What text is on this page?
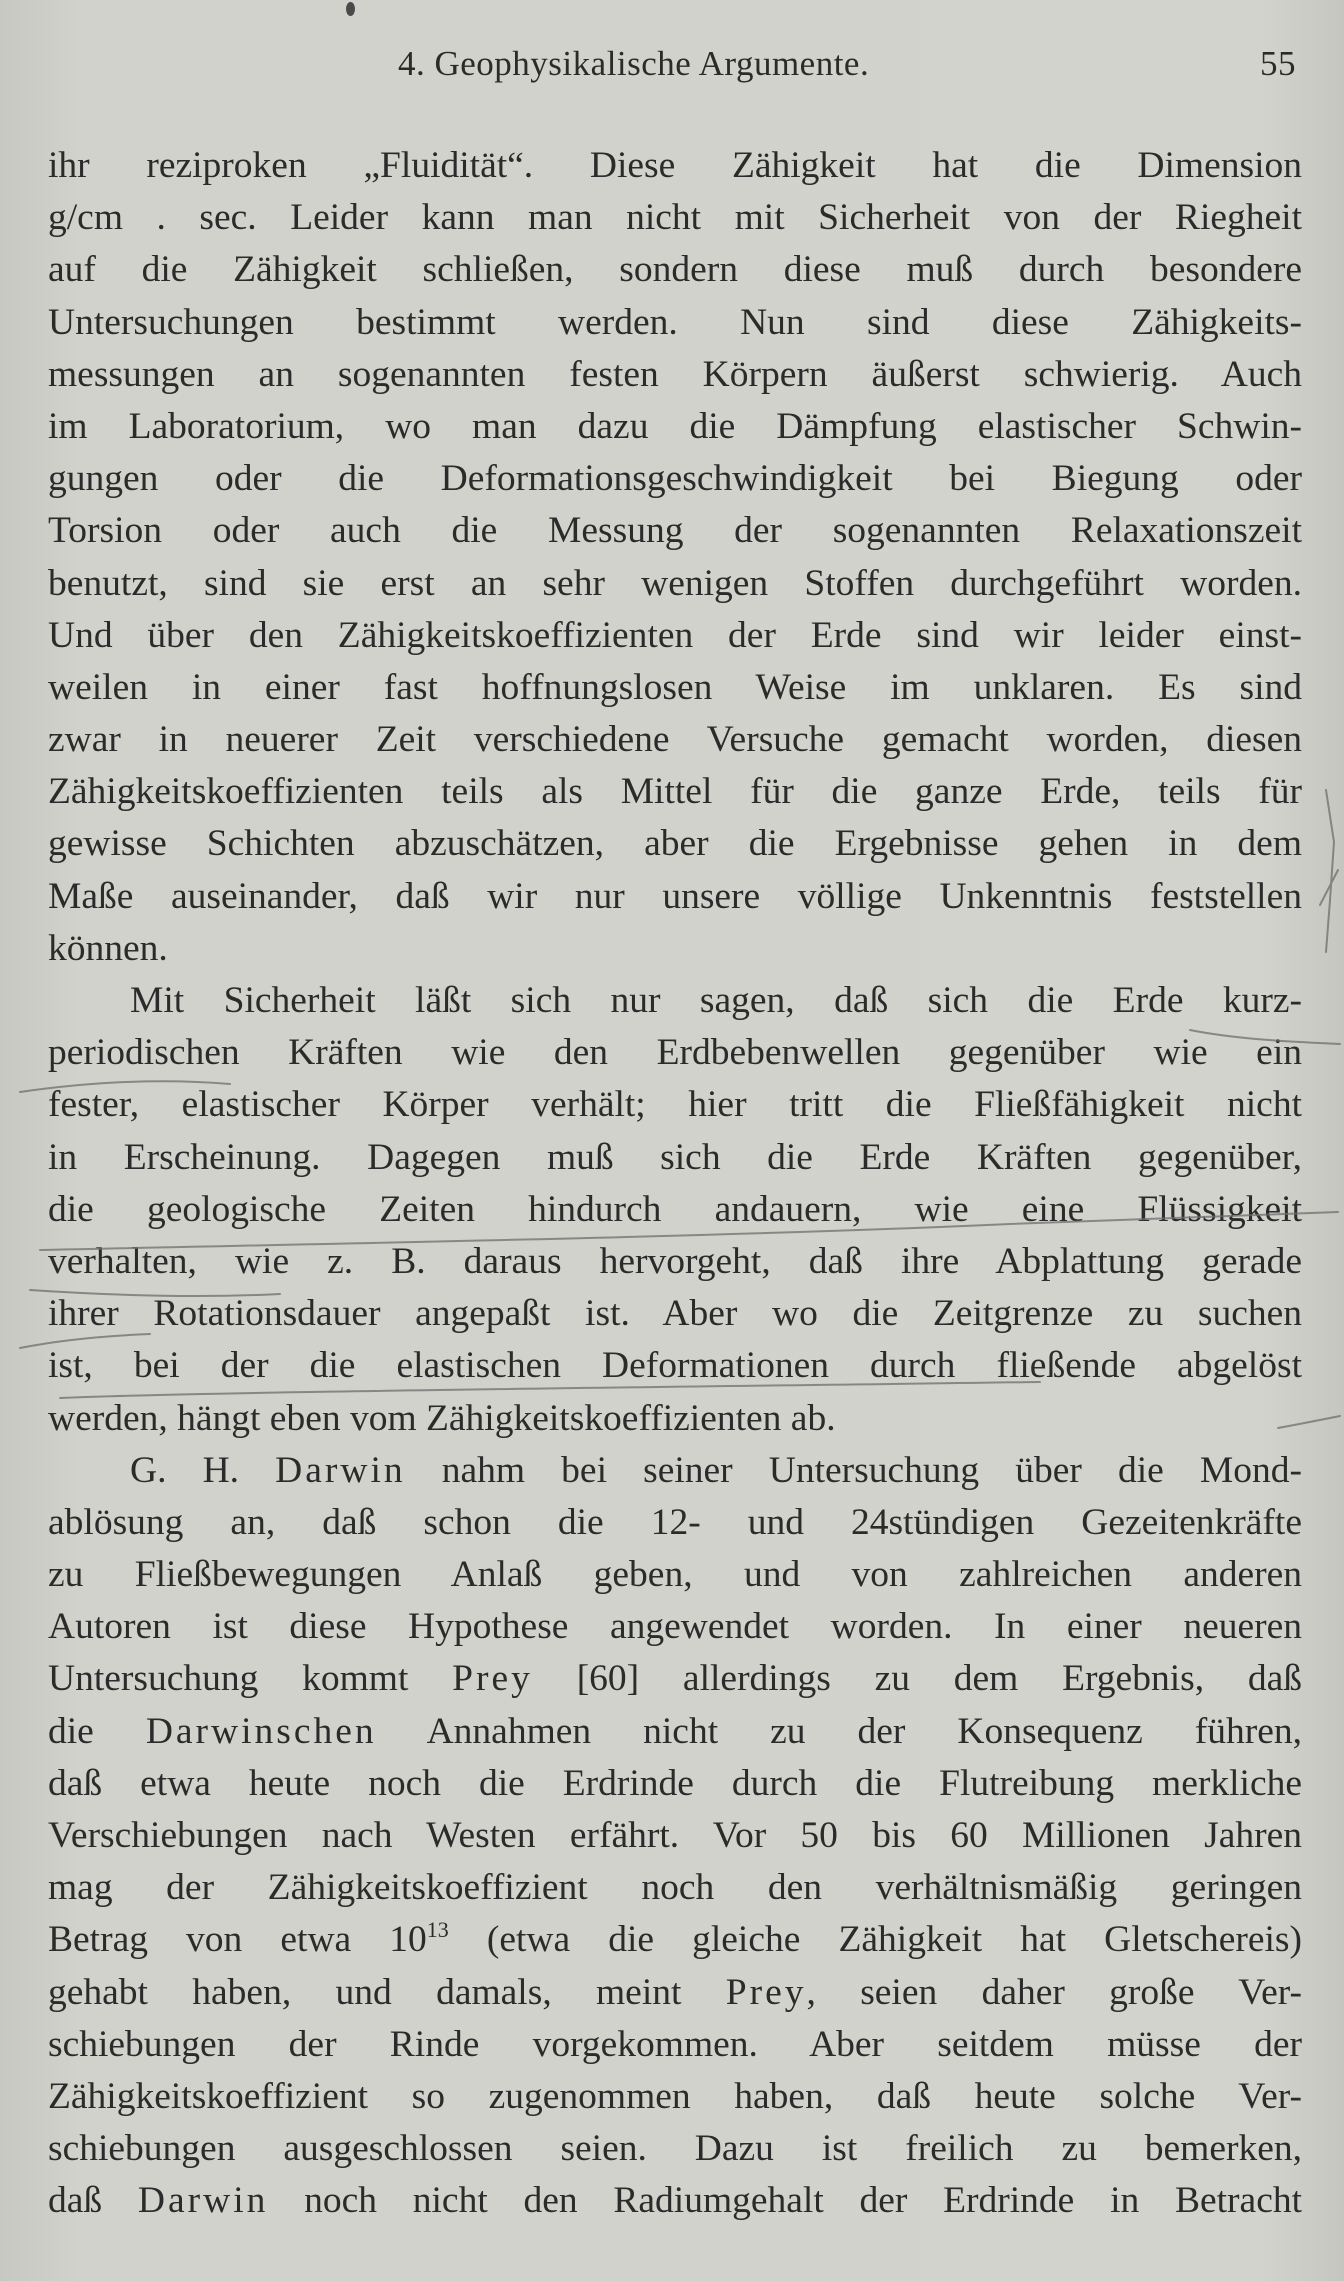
4. Geophysikalische Argumente.	55
ihr reziproken „Fluidität“. Diese Zähigkeit hat die Dimension
g/cm . sec. Leider kann man nicht mit Sicherheit von der Riegheit
auf die Zähigkeit schließen, sondern diese muß durch besondere
Untersuchungen bestimmt werden. Nun sind diese Zähigkeits-
messungen an sogenannten festen Körpern äußerst schwierig. Auch
im Laboratorium, wo man dazu die Dämpfung elastischer Schwin-
gungen oder die Deformationsgeschwindigkeit bei Biegung oder
Torsion oder auch die Messung der sogenannten Relaxationszeit
benutzt, sind sie erst an sehr wenigen Stoffen durchgeführt worden.
Und über den Zähigkeitskoeffizienten der Erde sind wir leider einst-
weilen in einer fast hoffnungslosen Weise im unklaren. Es sind
zwar in neuerer Zeit verschiedene Versuche gemacht worden, diesen
Zähigkeitskoeffizienten teils als Mittel für die ganze Erde, teils für
gewisse Schichten abzuschätzen, aber die Ergebnisse gehen in dem
Maße auseinander, daß wir nur unsere völlige Unkenntnis feststellen
können.
Mit Sicherheit läßt sich nur sagen, daß sich die Erde kurz-
periodischen Kräften wie den Erdbebenwellen gegenüber wie ein
fester, elastischer Körper verhält; hier tritt die Fließfähigkeit nicht
in Erscheinung. Dagegen muß sich die Erde Kräften gegenüber,
die geologische Zeiten hindurch andauern, wie eine Flüssigkeit
verhalten, wie z. B. daraus hervorgeht, daß ihre Abplattung gerade
ihrer Rotationsdauer angepaßt ist. Aber wo die Zeitgrenze zu suchen
ist, bei der die elastischen Deformationen durch fließende abgelöst
werden, hängt eben vom Zähigkeitskoeffizienten ab.
G. H. Darwin nahm bei seiner Untersuchung über die Mond-
ablösung an, daß schon die 12- und 24stündigen Gezeitenkräfte
zu Fließbewegungen Anlaß geben, und von zahlreichen anderen
Autoren ist diese Hypothese angewendet worden. In einer neueren
Untersuchung kommt Prey [60] allerdings zu dem Ergebnis, daß
die Darwinschen Annahmen nicht zu der Konsequenz führen,
daß etwa heute noch die Erdrinde durch die Flutreibung merkliche
Verschiebungen nach Westen erfährt. Vor 50 bis 60 Millionen Jahren
mag der Zähigkeitskoeffizient noch den verhältnismäßig geringen
Betrag von etwa $10^{13}$ (etwa die gleiche Zähigkeit hat Gletschereis)
gehabt haben, und damals, meint Prey, seien daher große Ver-
schiebungen der Rinde vorgekommen. Aber seitdem müsse der
Zähigkeitskoeffizient so zugenommen haben, daß heute solche Ver-
schiebungen ausgeschlossen seien. Dazu ist freilich zu bemerken,
daß Darwin noch nicht den Radiumgehalt der Erdrinde in Betracht
